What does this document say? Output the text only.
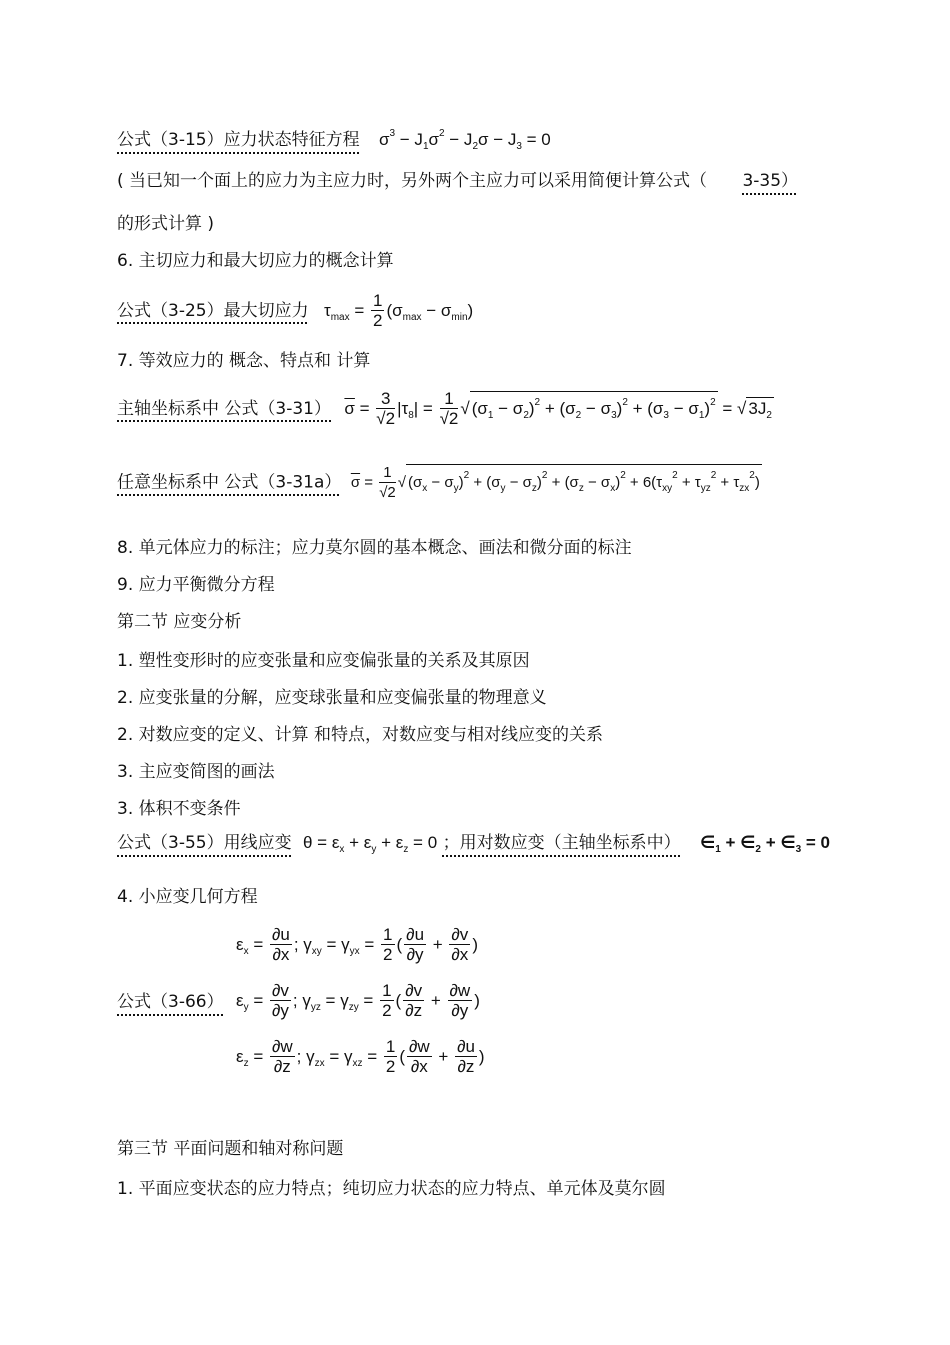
公式（3-15）应力状态特征方程 $\sigma^3 - J_1\sigma^2 - J_2\sigma - J_3 = 0$
( 当已知一个面上的应力为主应力时，另外两个主应力可以采用简便计算公式（ 3-35）
的形式计算 )
6. 主切应力和最大切应力的概念计算
公式（3-25）最大切应力 $\tau_{max} = \frac{1}{2} (\sigma_{max} - \sigma_{min})$
7. 等效应力的 概念、特点和 计算
主轴坐标系中 公式（3-31） $\overline{\sigma} = \frac{3}{√2} |\tau_8| = \frac{1}{√2}$ √ $(\sigma_1 - \sigma_2)^2 + (\sigma_2 - \sigma_3)^2 + (\sigma_3 - \sigma_1)^2$ = √ $3J_2$
任意坐标系中 公式（3-31a） $\overline{\sigma} = \frac{1}{√2}$ √ $(\sigma_x - \sigma_y)^2 + (\sigma_y - \sigma_z)^2 + (\sigma_z - \sigma_x)^2 + 6(\tau_{xy}^2 + \tau_{yz}^2 + \tau_{zx}^2)$
8. 单元体应力的标注；应力莫尔圆的基本概念、画法和微分面的标注
9. 应力平衡微分方程
第二节 应变分析
1. 塑性变形时的应变张量和应变偏张量的关系及其原因
2. 应变张量的分解，应变球张量和应变偏张量的物理意义
2. 对数应变的定义、计算 和特点，对数应变与相对线应变的关系
3. 主应变简图的画法
3. 体积不变条件
公式（3-55）用线应变 $\theta = \varepsilon_x + \varepsilon_y + \varepsilon_z = 0$ ；用对数应变（主轴坐标系中） $\in_1$ + $\in_2$ + $\in_3 = 0$
4. 小应变几何方程
公式（3-66）
$\varepsilon_x = \frac{\partial u}{\partial x}$ ; $\gamma_{xy} = \gamma_{yx} = \frac{1}{2}$ ( $\frac{\partial u}{\partial y} + \frac{\partial v}{\partial x}$ )
$\varepsilon_y = \frac{\partial v}{\partial y}$ ; $\gamma_{yz} = \gamma_{zy} = \frac{1}{2}$ ( $\frac{\partial v}{\partial z} + \frac{\partial w}{\partial y}$ )
$\varepsilon_z = \frac{\partial w}{\partial z}$ ; $\gamma_{zx} = \gamma_{xz} = \frac{1}{2}$ ( $\frac{\partial w}{\partial x} + \frac{\partial u}{\partial z}$ )
第三节 平面问题和轴对称问题
1. 平面应变状态的应力特点；纯切应力状态的应力特点、单元体及莫尔圆
